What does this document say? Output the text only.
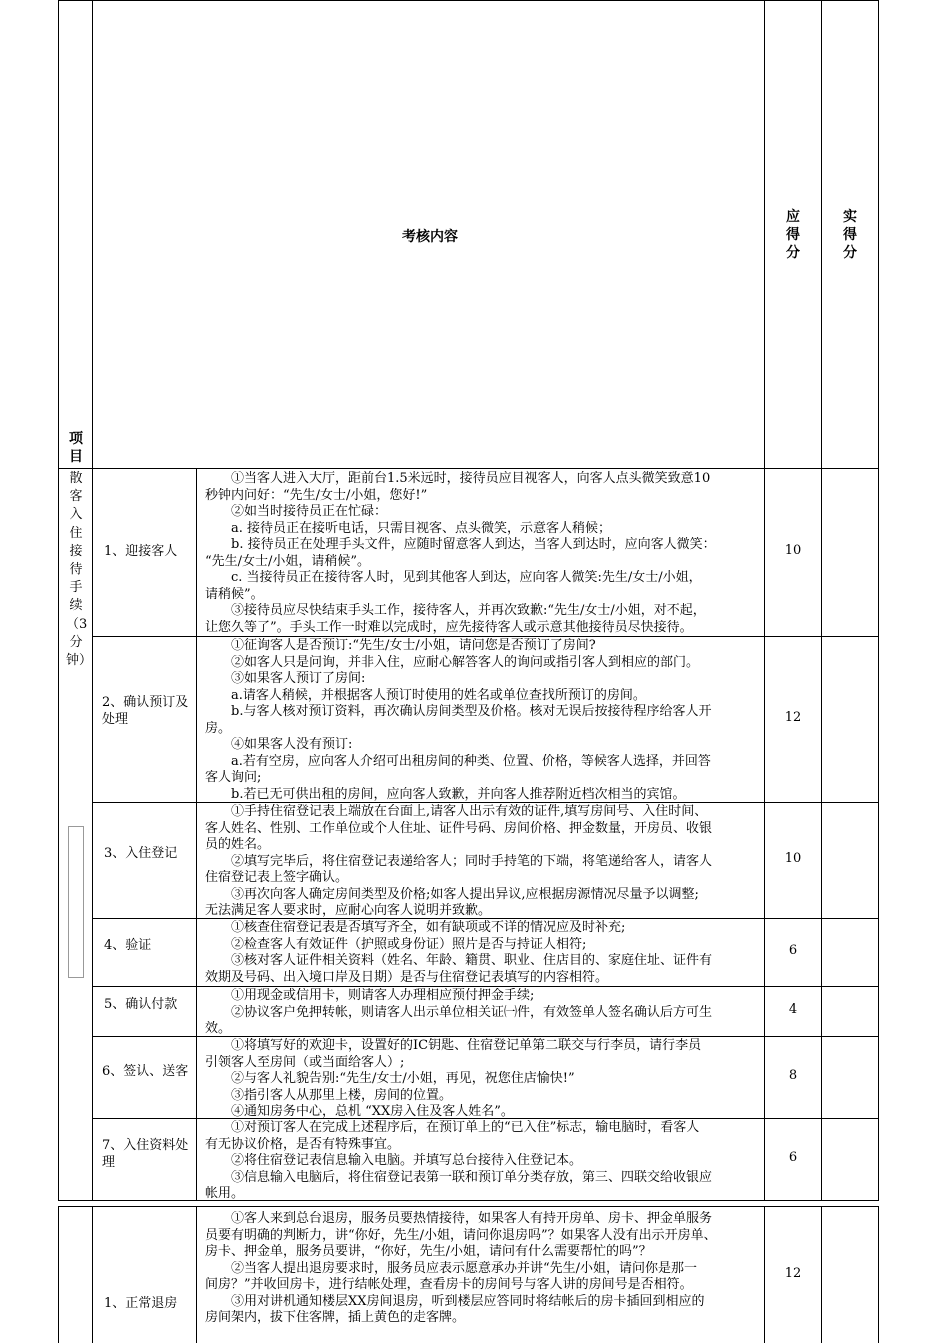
项目
考核内容
应得分
实得分
散客入住接待手续（3分钟）
1、迎接客人
①当客人进入大厅，距前台1.5米远时，接待员应目视客人，向客人点头微笑致意10
秒钟内问好：“先生/女士/小姐，您好!”
②如当时接待员正在忙碌：
a. 接待员正在接听电话，只需目视客、点头微笑，示意客人稍候；
b. 接待员正在处理手头文件，应随时留意客人到达，当客人到达时，应向客人微笑：
“先生/女士/小姐，请稍候”。
c. 当接待员正在接待客人时，见到其他客人到达，应向客人微笑:先生/女士/小姐，
请稍候”。
③接待员应尽快结束手头工作，接待客人，并再次致歉:“先生/女士/小姐，对不起，
让您久等了”。手头工作一时难以完成时，应先接待客人或示意其他接待员尽快接待。
10
2、确认预订及处理
①征询客人是否预订:“先生/女士/小姐，请问您是否预订了房间?
②如客人只是问询，并非入住，应耐心解答客人的询问或指引客人到相应的部门。
③如果客人预订了房间:
a.请客人稍候，并根据客人预订时使用的姓名或单位查找所预订的房间。
b.与客人核对预订资料，再次确认房间类型及价格。核对无误后按接待程序给客人开
房。
④如果客人没有预订:
a.若有空房，应向客人介绍可出租房间的种类、位置、价格，等候客人选择，并回答
客人询问;
b.若已无可供出租的房间，应向客人致歉，并向客人推荐附近档次相当的宾馆。
12
3、入住登记
①手持住宿登记表上端放在台面上,请客人出示有效的证件,填写房间号、入住时间、
客人姓名、性别、工作单位或个人住址、证件号码、房间价格、押金数量，开房员、收银
员的姓名。
②填写完毕后，将住宿登记表递给客人；同时手持笔的下端，将笔递给客人，请客人
住宿登记表上签字确认。
③再次向客人确定房间类型及价格;如客人提出异议,应根据房源情况尽量予以调整;
无法满足客人要求时，应耐心向客人说明并致歉。
10
4、验证
①核查住宿登记表是否填写齐全，如有缺项或不详的情况应及时补充;
②检查客人有效证件（护照或身份证）照片是否与持证人相符;
③核对客人证件相关资料（姓名、年龄、籍贯、职业、住店目的、家庭住址、证件有
效期及号码、出入境口岸及日期）是否与住宿登记表填写的内容相符。
6
5、确认付款
①用现金或信用卡，则请客人办理相应预付押金手续;
②协议客户免押转帐，则请客人出示单位相关证㈠件，有效签单人签名确认后方可生
效。
4
6、签认、送客
①将填写好的欢迎卡，设置好的IC钥匙、住宿登记单第二联交与行李员，请行李员
引领客人至房间（或当面给客人）;
②与客人礼貌告别:“先生/女士/小姐，再见，祝您住店愉快!”
③指引客人从那里上楼，房间的位置。
④通知房务中心，总机 “XX房入住及客人姓名”。
8
7、入住资料处理
①对预订客人在完成上述程序后，在预订单上的“已入住”标志，输电脑时，看客人
有无协议价格，是否有特殊事宜。
②将住宿登记表信息输入电脑。并填写总台接待入住登记本。
③信息输入电脑后，将住宿登记表第一联和预订单分类存放，第三、四联交给收银应
帐用。
6
1、正常退房
①客人来到总台退房，服务员要热情接待，如果客人有持开房单、房卡、押金单服务
员要有明确的判断力，讲“你好，先生/小姐，请问你退房吗”？如果客人没有出示开房单、
房卡、押金单，服务员要讲，“你好，先生/小姐，请问有什么需要帮忙的吗”？
②当客人提出退房要求时，服务员应表示愿意承办并讲“先生/小姐，请问你是那一
间房？”并收回房卡，进行结帐处理，查看房卡的房间号与客人讲的房间号是否相符。
③用对讲机通知楼层XX房间退房，听到楼层应答同时将结帐后的房卡插回到相应的
房间架内，拔下住客牌，插上黄色的走客牌。
12
